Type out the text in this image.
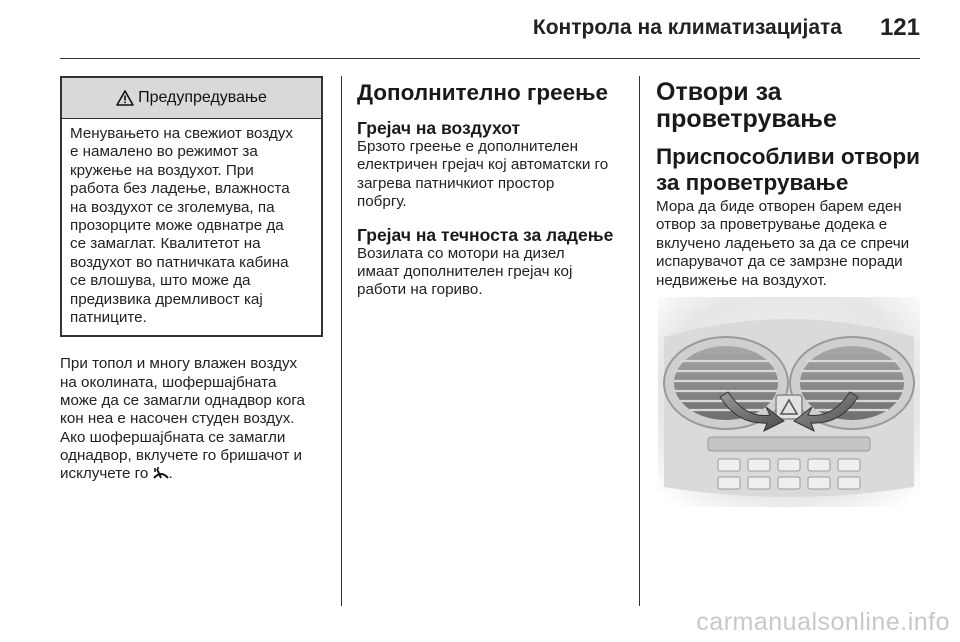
Контрола на климатизацијата 121
Предупредување
Менувањето на свежиот воздух
е намалено во режимот за
кружење на воздухот. При
работа без ладење, влажноста
на воздухот се зголемува, па
прозорците може одвнатре да
се замаглат. Квалитетот на
воздухот во патничката кабина
се влошува, што може да
предизвика дремливост кај
патниците.
При топол и многу влажен воздух
на околината, шофершајбната
може да се замагли однадвор кога
кон неа е насочен студен воздух.
Ако шофершајбната се замагли
однадвор, вклучете го бришачот и
исклучете го .
Дополнително греење
Грејач на воздухот
Брзото греење е дополнителен
електричен грејач кој автоматски го
загрева патничкиот простор
побргу.
Грејач на течноста за ладење
Возилата со мотори на дизел
имаат дополнителен грејач кој
работи на гориво.
Отвори за
проветрување
Приспособливи отвори
за проветрување
Мора да биде отворен барем еден
отвор за проветрување додека е
вклучено ладењето за да се спречи
испарувачот да се замрзне поради
недвижење на воздухот.
carmanualsonline.info
